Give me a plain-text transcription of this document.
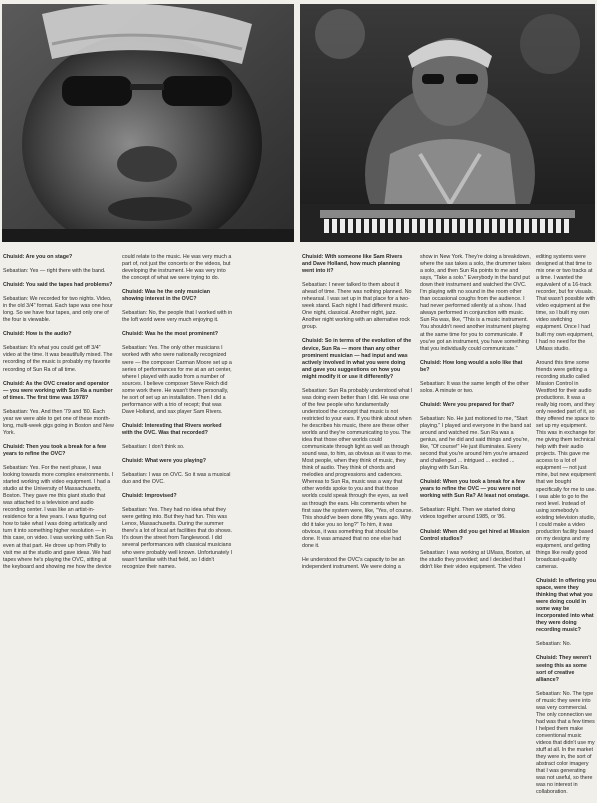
Chuisid: Are you on stage?

Sebastian: Yes — right there with the band.

Chuisid: You said the tapes had problems?

Sebastian: We recorded for two nights. Video, in the old 3/4" format. Each tape was one hour long. So we have four tapes, and only one of the four is viewable.

Chuisid: How is the audio?

Sebastian: It's what you could get off 3/4" video at the time. It was beautifully mixed. The recording of the music is probably my favorite recording of Sun Ra of all time.

Chuisid: As the OVC creator and operator — you were working with Sun Ra a number of times. The first time was 1978?

Sebastian: Yes. And then '79 and '80. Each year we were able to get one of these month-long, multi-week gigs going in Boston and New York.

Chuisid: Then you took a break for a few years to refine the OVC?

Sebastian: Yes. For the next phase, I was looking towards more complex environments. I started working with video equipment. I had a studio at the University of Massachusetts, Boston. They gave me this giant studio that was attached to a television and audio recording center. I was like an artist-in-residence for a few years. I was figuring out how to take what I was doing artistically and turn it into something higher resolution — in this case, on video. I was working with Sun Ra even at that part. He drove up from Philly to visit me at the studio and gave ideas. We had tapes where he's playing the OVC, sitting at the keyboard and showing me how the device

could relate to the music. He was very much a part of, not just the concerts or the videos, but developing the instrument. He was very into the concept of what we were trying to do.

Chuisid: Was he the only musician showing interest in the OVC?

Sebastian: No, the people that I worked with in the loft world were very much enjoying it.

Chuisid: Was he the most prominent?

Sebastian: Yes. The only other musicians I worked with who were nationally recognized were — the composer Carman Moore set up a series of performances for me at an art center, where I played with audio from a number of sources. I believe composer Steve Reich did some work there. He wasn't there personally, he sort of set up an installation. Then I did a performance with a trio of recept; that was Dave Holland, and sax player Sam Rivers.

Chuisid: Interesting that Rivers worked with the OVC. Was that recorded?

Sebastian: I don't think so.

Chuisid: What were you playing?

Sebastian: I was on OVC. So it was a musical duo and the OVC.

Chuisid: Improvised?

Sebastian: Yes. They had no idea what they were getting into. But they had fun. This was Lenox, Massachusetts. During the summer there's a lot of local art facilities that do shows. It's down the street from Tanglewood. I did several performances with classical musicians who were probably well known. Unfortunately I wasn't familiar with that field, so I didn't recognize their names.

Chuisid: With someone like Sam Rivers and Dave Holland, how much planning went into it?

Sebastian: I never talked to them about it ahead of time. There was nothing planned. No rehearsal. I was set up in that place for a two-week stand. Each night I had different music. One night, classical. Another night, jazz. Another night working with an alternative rock group.

Chuisid: So in terms of the evolution of the device, Sun Ra — more than any other prominent musician — had input and was actively involved in what you were doing and gave you suggestions on how you might modify it or use it differently?

Sebastian: Sun Ra probably understood what I was doing even better than I did. He was one of the few people who fundamentally understood the concept that music is not restricted to your ears. If you think about when he describes his music, there are these other worlds and they're communicating to you. The idea that those other worlds could communicate through light as well as through sound was, to him, as obvious as it was to me. Most people, when they think of music, they think of audio. They think of chords and melodies and progressions and cadences. Whereas to Sun Ra, music was a way that other worlds spoke to you and that those worlds could speak through the eyes, as well as through the ears. His comments when he first saw the system were, like, "Yes, of course. This should've been done fifty years ago. Why did it take you so long?" To him, it was obvious, it was something that should be done. It was amazed that no one else had done it.

He understood the OVC's capacity to be an independent instrument. We were doing a

show in New York. They're doing a breakdown, where the sax takes a solo, the drummer takes a solo, and then Sun Ra points to me and says, "Take a solo." Everybody in the band put down their instrument and watched the OVC. I'm playing with no sound in the room other than occasional coughs from the audience. I had never performed silently at a show. I had always performed in conjunction with music. Sun Ra was, like, "This is a music instrument. You shouldn't need another instrument playing at the same time for you to communicate. If you've got an instrument, you have something that you individually could communicate."

Chuisid: How long would a solo like that be?

Sebastian: It was the same length of the other solos. A minute or two.

Chuisid: Were you prepared for that?

Sebastian: No. He just motioned to me, "Start playing." I played and everyone in the band sat around and watched me. Sun Ra was a genius, and he did and said things and you're, like, "Of course!" He just illuminates. Every second that you're around him you're amazed and challenged ... intrigued ... excited ... playing with Sun Ra.

Chuisid: When you took a break for a few years to refine the OVC — you were not working with Sun Ra? At least not onstage.

Sebastian: Right. Then we started doing videos together around 1985, or '86.

Chuisid: When did you get hired at Mission Control studios?

Sebastian: I was working at UMass, Boston, at the studio they provided; and I decided that I didn't like their video equipment. The video

editing systems were designed at that time to mix one or two tracks at a time. I wanted the equivalent of a 16-track recorder, but for visuals. That wasn't possible with video equipment at the time, so I built my own video switching equipment. Once I had built my own equipment, I had no need for the UMass studio.

Around this time some friends were getting a recording studio called Mission Control in Westford for their audio productions. It was a really big room, and they only needed part of it, so they offered me space to set up my equipment. This was in exchange for me giving them technical help with their audio projects. This gave me access to a lot of equipment — not just mine, but new equipment that we bought specifically for me to use. I was able to go to the next level. Instead of using somebody's existing television studio, I could make a video production facility based on my designs and my equipment, and getting things like really good broadcast-quality cameras.

Chuisid: In offering you space, were they thinking that what you were doing could in some way be incorporated into what they were doing recording music?

Sebastian: No.

Chuisid: They weren't seeing this as some sort of creative alliance?

Sebastian: No. The type of music they were into was very commercial. The only connection we had was that a few times I helped them make conventional music videos that didn't use my stuff at all. In the market they were in, the sort of abstract color imagery that I was generating was not useful, so there was no interest in collaboration.
